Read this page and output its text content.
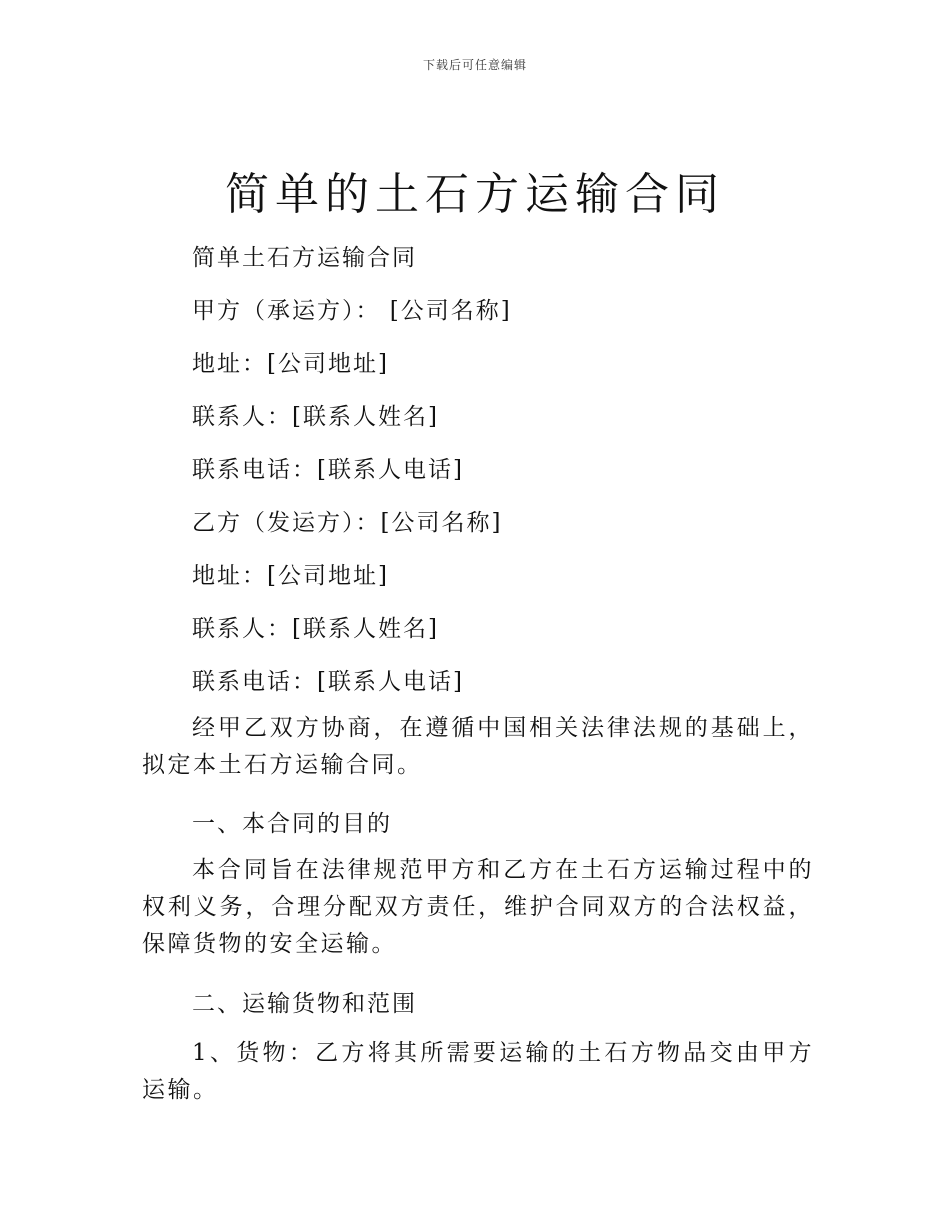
下载后可任意编辑
简单的土石方运输合同
简单土石方运输合同
甲方（承运方）： [公司名称]
地址：[公司地址]
联系人：[联系人姓名]
联系电话：[联系人电话]
乙方（发运方）：[公司名称]
地址：[公司地址]
联系人：[联系人姓名]
联系电话：[联系人电话]

经甲乙双方协商，在遵循中国相关法律法规的基础上，拟定本土石方运输合同。

一、本合同的目的

本合同旨在法律规范甲方和乙方在土石方运输过程中的权利义务，合理分配双方责任，维护合同双方的合法权益，保障货物的安全运输。

二、运输货物和范围

1、货物：乙方将其所需要运输的土石方物品交由甲方运输。
